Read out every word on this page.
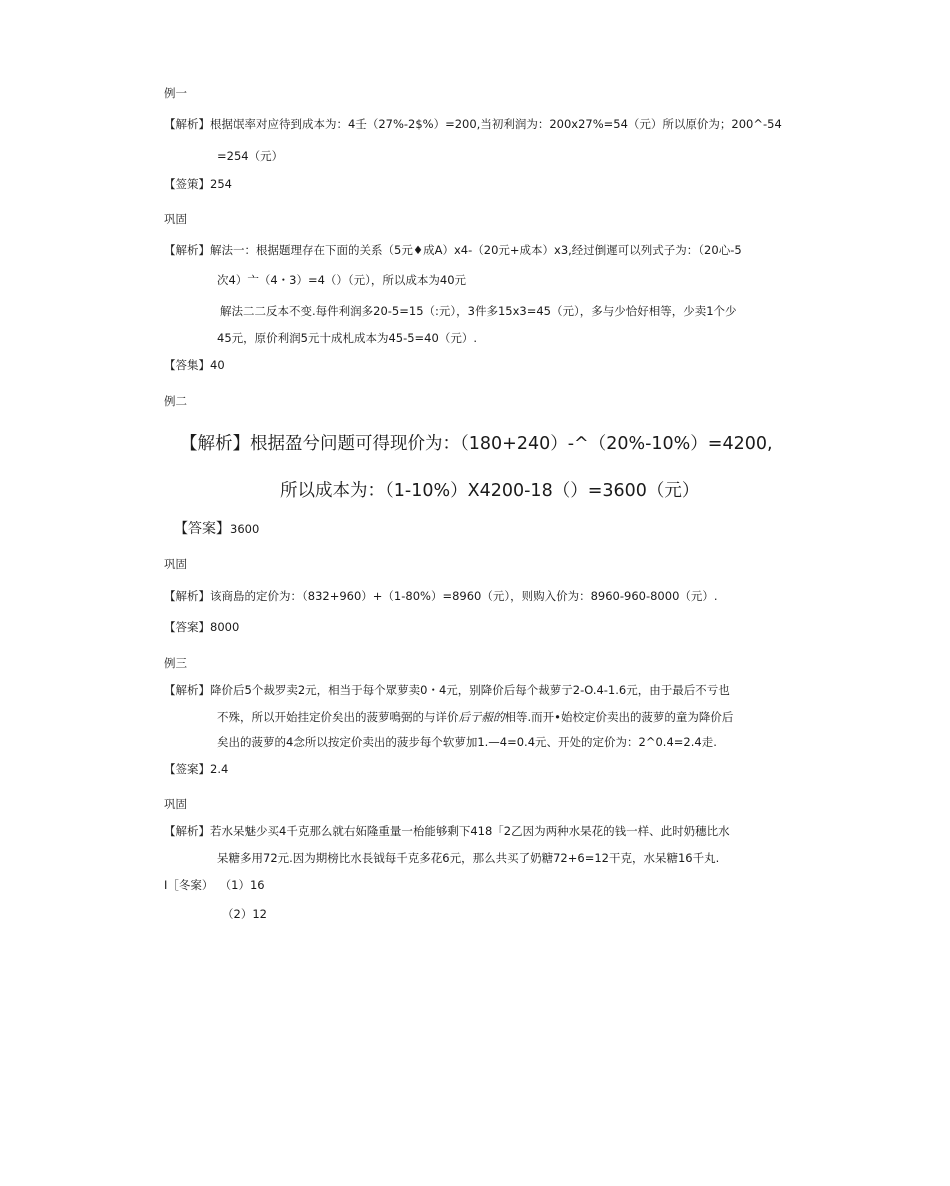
例一
【解析】根据氓率对应待到成本为：4壬（27%-2$%）=200,当初利润为：200x27%=54（元）所以原价为；200^-54
=254（元）
【签策】254
巩固
【解析】解法一：根据题理存在下面的关系（5元♦成A）x4-（20元+成本）x3,经过倒遲可以列式子为：（20心-5
次4）亠（4・3）=4（）（元），所以成本为40元
解法二二反本不变.每件利润多20-5=15（:元），3件多15x3=45（元），多与少恰好相等，少卖1个少
45元，原价利润5元十成札成本为45-5=40（元）.
【答集】40
例二
【解析】根据盈兮问题可得现价为：（180+240）-^（20%-10%）=4200,
所以成本为：（1-10%）X4200-18（）=3600（元）
【答案】3600
巩固
【解析】该商島的定价为：（832+960）+（1-80%）=8960（元），则购入价为：8960-960-8000（元）.
【答案】8000
例三
【解析】降价后5个裁罗卖2元，相当于每个眾萝卖0・4元，别降价后每个裁萝亍2-O.4-1.6元，由于最后不亏也
不殊，所以开始挂定价矣出的菠萝鳴弼的与详价后亍赧的相等.而开•始校定价卖出的菠萝的童为降价后
矣出的菠萝的4念所以按定价卖出的菠步每个软萝加1.—4=0.4元、开处的定价为：2^0.4=2.4走.
【签案】2.4
巩固
【解析】若水呆魅少买4千克那么就右妬隆重量一枱能够剩下418「2乙因为两种水杲花的钱一样、此时奶穗比水
呆糖多用72元.因为期榜比水長钺每千克多花6元，那么共买了奶糖72+6=12干克，水呆糖16千丸.
I［冬案） （1）16
（2）12
